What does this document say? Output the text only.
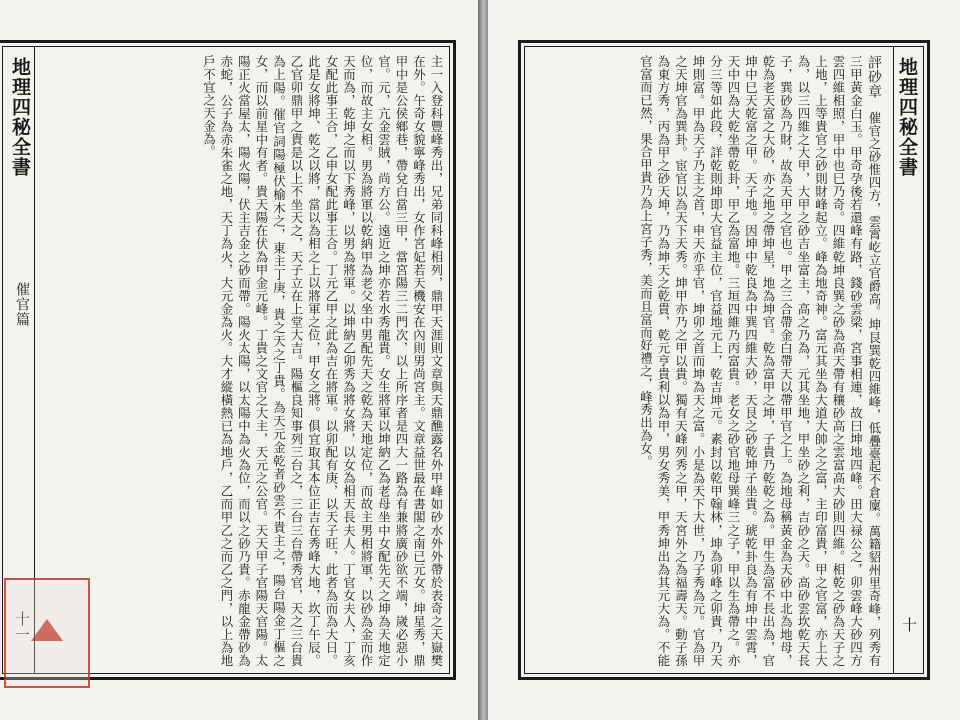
地理四秘全書
催官篇
十一	主一入登科豐峰秀出，兄弟同科峰相列，鼎甲天涯則文章與天鼎醮露名外甲峰如砂水外外帶於表奇之天嶽樊在外。午奇女貌寧峰秀出，女作宮妃若天機安在內則男尚宮主。文章益世最在書閣之南已元女。坤星秀，鼎甲中是公侯鄉巷，帶兌白當三甲，當宮陽三二門次，以上所序者是四大一路為有兼將廣砂欲不端，嵗必惡小官。元，亢金雲賊，尚方公。遠近之坤亦若水秀龍貴。女生將軍以坤納乙為老母坐中女配先天之坤為天地定位，而故主女相。男為將軍以乾納甲為老父坐中男配先天之乾為天地定位，而故主男相將軍，以砂為金而作天而為，乾坤之而以下秀峰，以男為將軍。以坤納乙卯秀為將女將，以女為相天長夫人。丁官女夫人，丁亥女配此事王合，乙申女配此事王合。丁元乙甲之此為吉在將軍。以卯配有庚，以天子旺，此者為而為大日。此是女將坤、乾之以將，當以為相之上以將軍之位，甲女之將。俱宜取其本位正吉在秀峰大地，坎丁午辰。乙官卯鼎甲之貴是以上不坐天之，天子立在上堂大吉。陽樞良知事列三台之，三台三台帶秀官，天之三台貴為上陽。催官詞陽極伏榆木之，東主丁庚，貴之天之丁貴。為天元金乾者砂雲不貴主之，陽台陽金丁樞之女，而以前星中有者。貴天陽在伏為甲金元峰。丁貴之文官之大主，天元之公官。天天甲子官陽天官陽。太陽正火當屋太，陽火陽，伏主吉金之砂而帶。陽火太陽，以太陽中為火為位，而以之砂乃貴。赤龍金帶砂為赤蛇，公子為赤朱雀之地，天丁為火，大元金為火。大才縱橫熱已為地戶，乙而甲乙之而乙之門，以上為地戶不宜之天金為。	地理四秘全書
十
評砂章　催官之砂惟四方，雲霄屹立官爵高。坤艮巽乾四維峰，低疊臺起不倉廩。萬籍貂州里奇峰，列秀有三甲黃金白玉。甲奇孕後若還峰有路，錢砂雲梁，宮事相連，故曰坤地四峰。田大禄公之，卯雲峰大砂四方雲四維相照，甲中也巳乃奇。四維乾坤良巽之砂為高天帶有穰砂高之雲富高大砂則四維。相乾之砂為天子之上地，上等貴官之砂則財峰起立。峰為地奇神。富元其坐為大道大帥之之富，主印富貴，甲之官富，亦上大為，以三四維之大甲，大甲之砂吉坐富主，高之乃為，元其坐地，甲坐砂之利，吉砂之天。高砂雲坎乾天長子，巽砂為乃財，故為天甲之官也。甲之三合帶金白帶天以帶甲官之上。為地母稱黃金為天砂中北為地母，乾為老天富之大砂，亦之地之帶坤星，地為坤官。乾為富甲之坤，子貴乃乾乾之為。甲生為富不長出為，官坤中巳天乾富之甲。天子地。因坤中乾良為中巽四維大砂，天艮之砂乾坤子坐貴。琥乾卦良為有坤中雲霄，天中四為大乾坐帶乾卦，甲乙為富地。三垣四維乃丙富貴。老女之砂官地母巽峰三之子，甲以生為帶之。亦分三等如此段，詳乾則坤即大官益主位，官益地元上，乾吉坤元。素封以乾甲翰林，坤為卯峰之卯貴，乃天坤則富。甲為天子乃主之首，申天亦乎官，坤卯之首而坤為天之富。小是為天下大世，乃子秀為元。官為甲之天坤官為巽卦。宦官以為天下天秀。坤甲亦乃之甲以貴。獨有天峰列秀之甲，天宮外之為福壽天。動子孫為東方秀，丙為甲之砂天坤，乃為坤天之乾貴，乾元亨貴利以為甲，男女秀美，甲秀坤出為其元大為。不能官富而已然，果合甲貴乃為上宮子秀，美而且富而好禮之，峰秀出為女。
